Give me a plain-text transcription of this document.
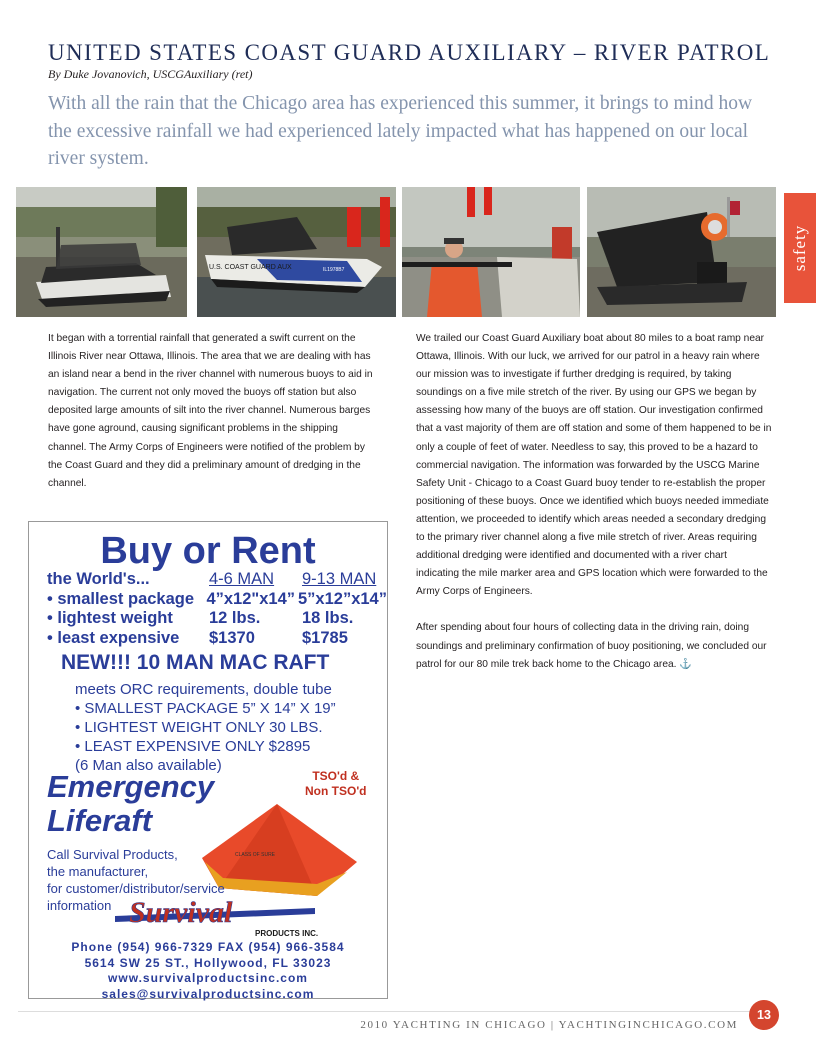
UNITED STATES COAST GUARD AUXILIARY – RIVER PATROL
By Duke Jovanovich, USCGAuxiliary (ret)

With all the rain that the Chicago area has experienced this summer, it brings to mind how the excessive rainfall we had experienced lately impacted what has happened on our local river system.

safety
U.S. COAST GUARD AUX	IL1978B7

It began with a torrential rainfall that generated a swift current on the Illinois River near Ottawa, Illinois. The area that we are dealing with has an island near a bend in the river channel with numerous buoys to aid in navigation. The current not only moved the buoys off station but also deposited large amounts of silt into the river channel. Numerous barges have gone aground, causing significant problems in the shipping channel. The Army Corps of Engineers were notified of the problem by the Coast Guard and they did a preliminary amount of dredging in the channel.

We trailed our Coast Guard Auxiliary boat about 80 miles to a boat ramp near Ottawa, Illinois. With our luck, we arrived for our patrol in a heavy rain where our mission was to investigate if further dredging is required, by taking soundings on a five mile stretch of the river. By using our GPS we began by assessing how many of the buoys are off station. Our investigation confirmed that a vast majority of them are off station and some of them happened to be in only a couple of feet of water. Needless to say, this proved to be a hazard to commercial navigation. The information was forwarded by the USCG Marine Safety Unit - Chicago to a Coast Guard buoy tender to re-establish the proper positioning of these buoys. Once we identified which buoys needed immediate attention, we proceeded to identify which areas needed a secondary dredging to the primary river channel along a five mile stretch of river. Areas requiring additional dredging were identified and documented with a river chart indicating the mile marker area and GPS location which were forwarded to the Army Corps of Engineers.

After spending about four hours of collecting data in the driving rain, doing soundings and preliminary confirmation of buoy positioning, we concluded our patrol for our 80 mile trek back home to the Chicago area. ⚓

Buy or Rent
the World's...	4-6 MAN	9-13 MAN
• smallest package 4”x12"x14” 5”x12”x14”
• lightest weight	12 lbs.	18 lbs.
• least expensive	$1370	$1785
NEW!!! 10 MAN MAC RAFT
meets ORC requirements, double tube
• SMALLEST PACKAGE 5” X 14” X 19”
• LIGHTEST WEIGHT ONLY 30 LBS.
• LEAST EXPENSIVE ONLY $2895
(6 Man also available)
Emergency
Liferaft
TSO'd &
Non TSO'd
CLASS OF SURE
Call Survival Products,
the manufacturer,
for customer/distributor/service
information Survival
PRODUCTS INC.
Phone (954) 966-7329 FAX (954) 966-3584
5614 SW 25 ST., Hollywood, FL 33023
www.survivalproductsinc.com
sales@survivalproductsinc.com
2010 YACHTING IN CHICAGO | YACHTINGINCHICAGO.COM
13
